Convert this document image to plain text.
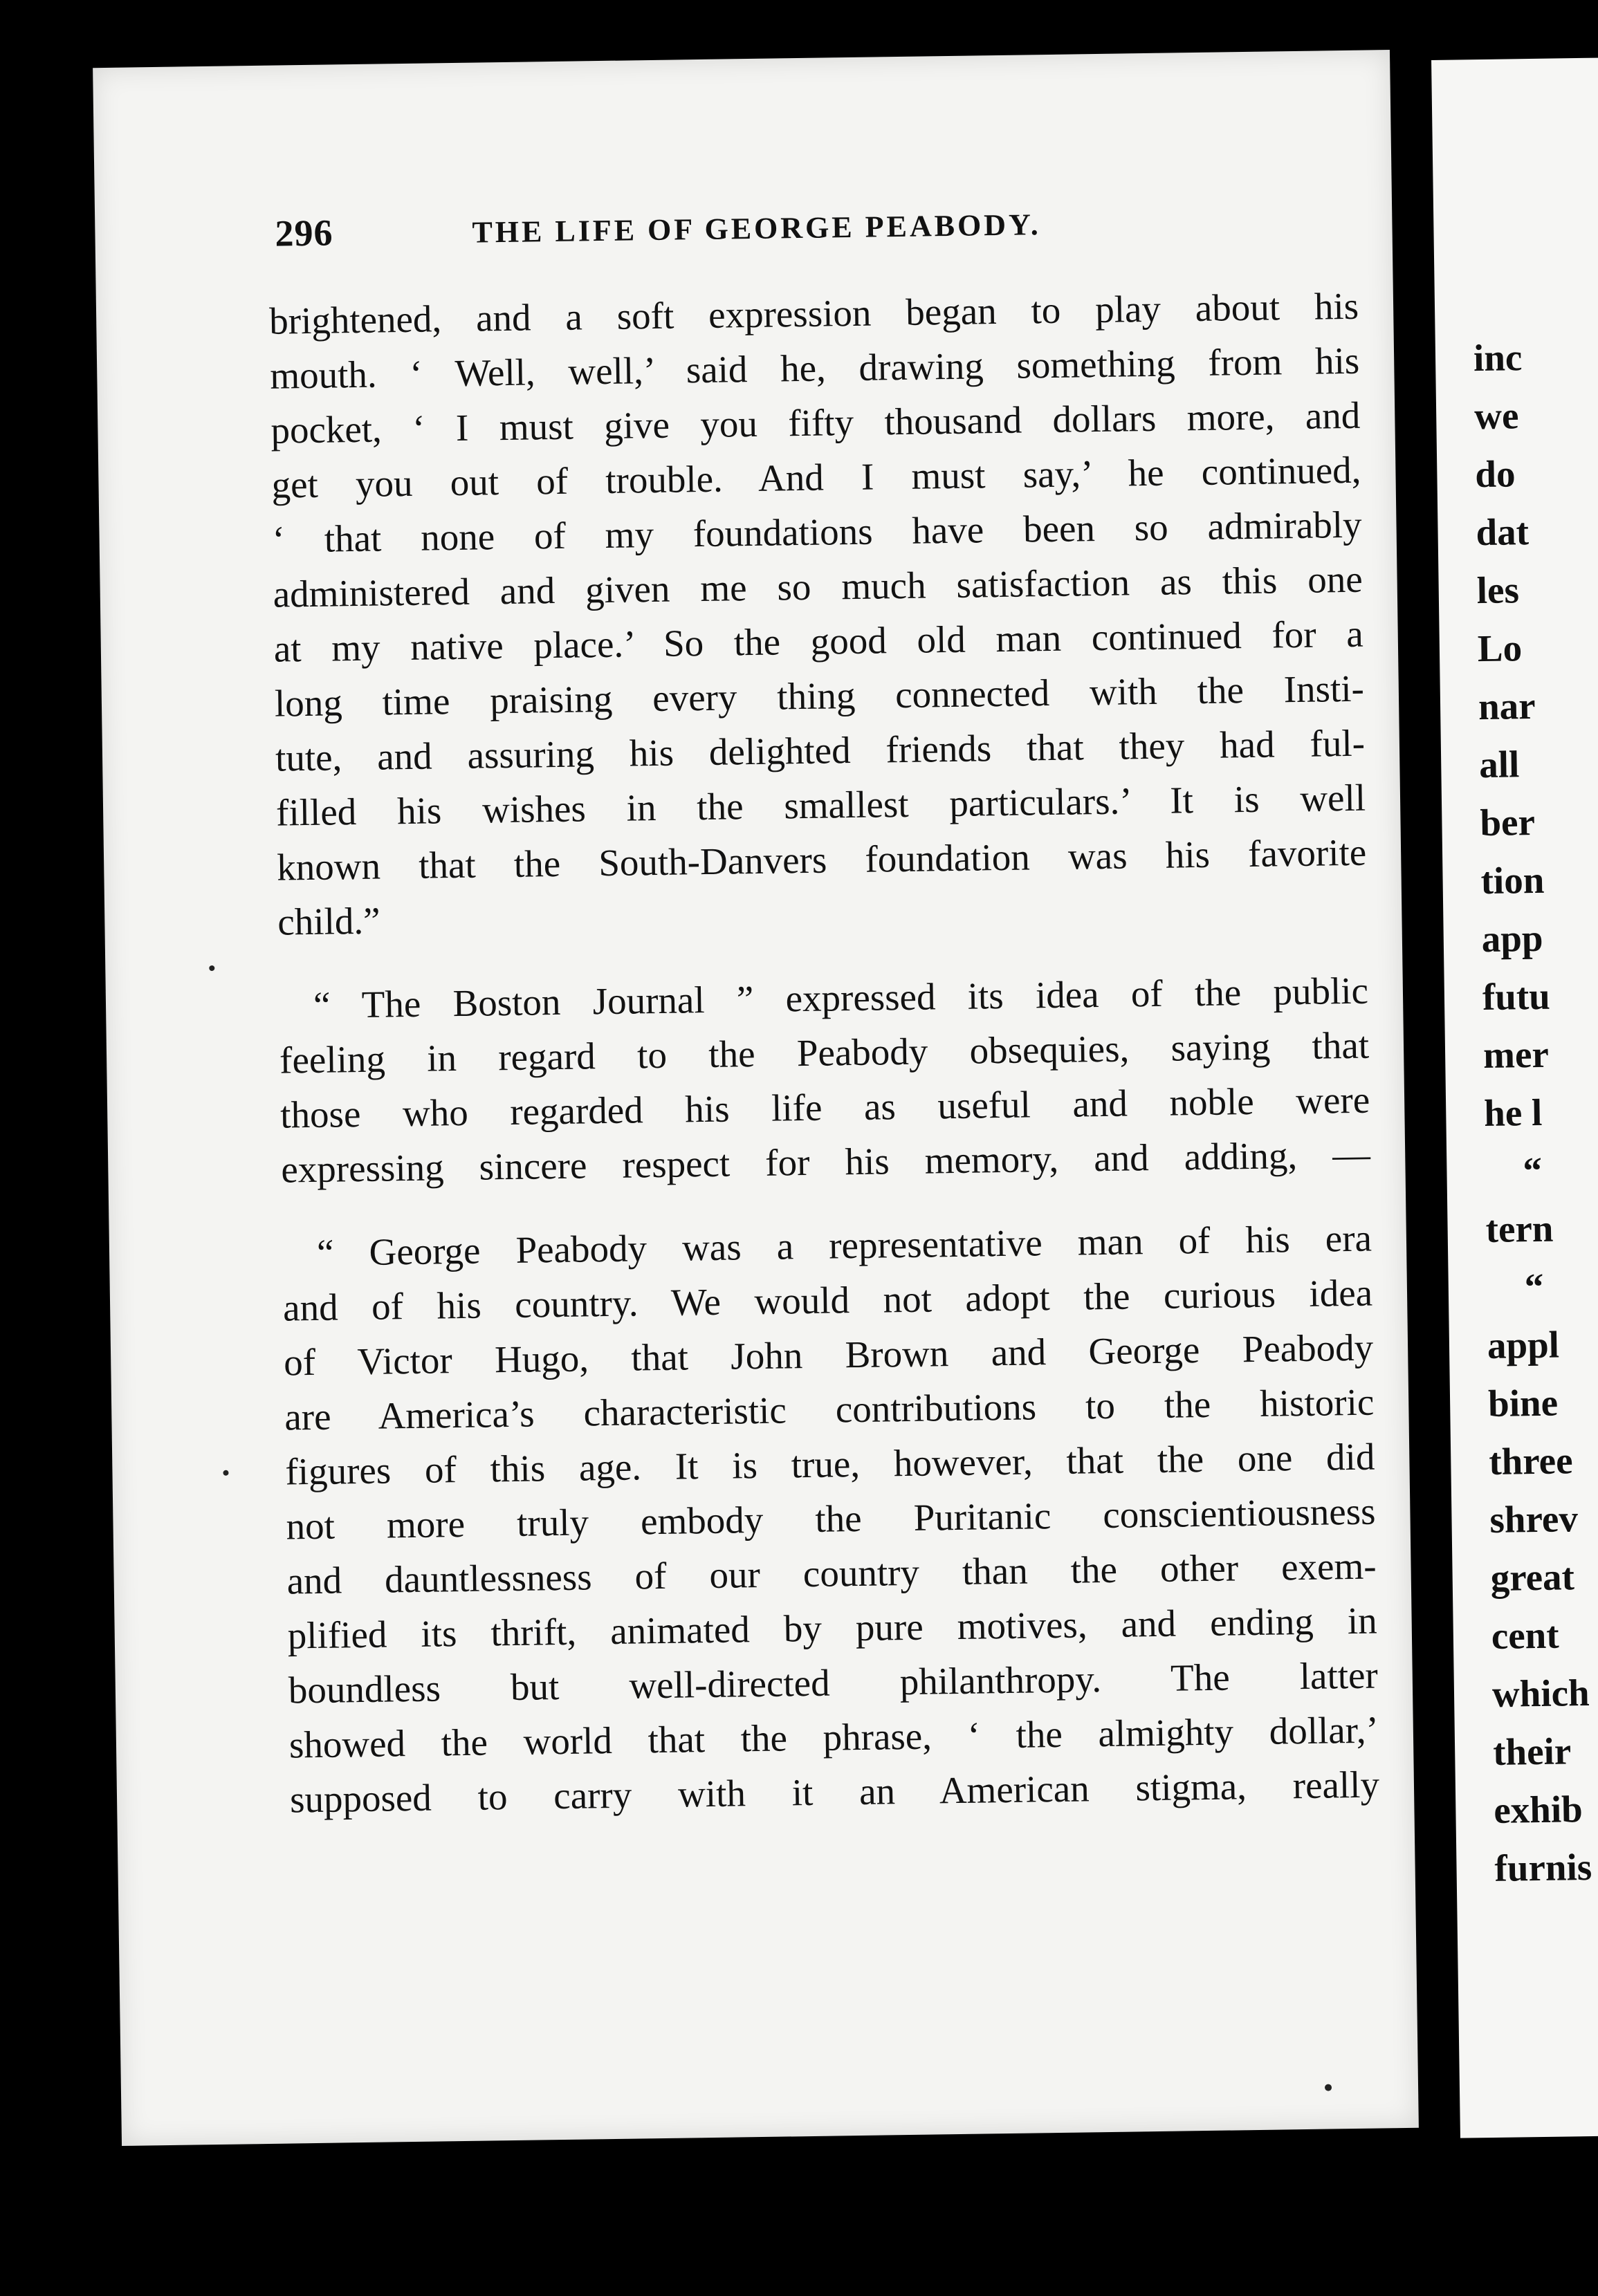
296	THE LIFE OF GEORGE PEABODY.

brightened, and a soft expression began to play about his
mouth. ‘ Well, well,’ said he, drawing something from his
pocket, ‘ I must give you fifty thousand dollars more, and
get you out of trouble. And I must say,’ he continued,
‘ that none of my foundations have been so admirably
administered and given me so much satisfaction as this one
at my native place.’ So the good old man continued for a
long time praising every thing connected with the Insti-
tute, and assuring his delighted friends that they had ful-
filled his wishes in the smallest particulars.’ It is well
known that the South-Danvers foundation was his favorite
child.”

“ The Boston Journal ” expressed its idea of the public
feeling in regard to the Peabody obsequies, saying that
those who regarded his life as useful and noble were
expressing sincere respect for his memory, and adding, —

“ George Peabody was a representative man of his era
and of his country. We would not adopt the curious idea
of Victor Hugo, that John Brown and George Peabody
are America’s characteristic contributions to the historic
figures of this age. It is true, however, that the one did
not more truly embody the Puritanic conscientiousness
and dauntlessness of our country than the other exem-
plified its thrift, animated by pure motives, and ending in
boundless but well-directed philanthropy. The latter
showed the world that the phrase, ‘ the almighty dollar,’
supposed to carry with it an American stigma, really

inc
we
do
dat
les
Lo
nar
all
ber
tion
app
futu
mer
he l
“
tern
“
appl
bine
three
shrev
great
cent
which
their
exhib
furnis
